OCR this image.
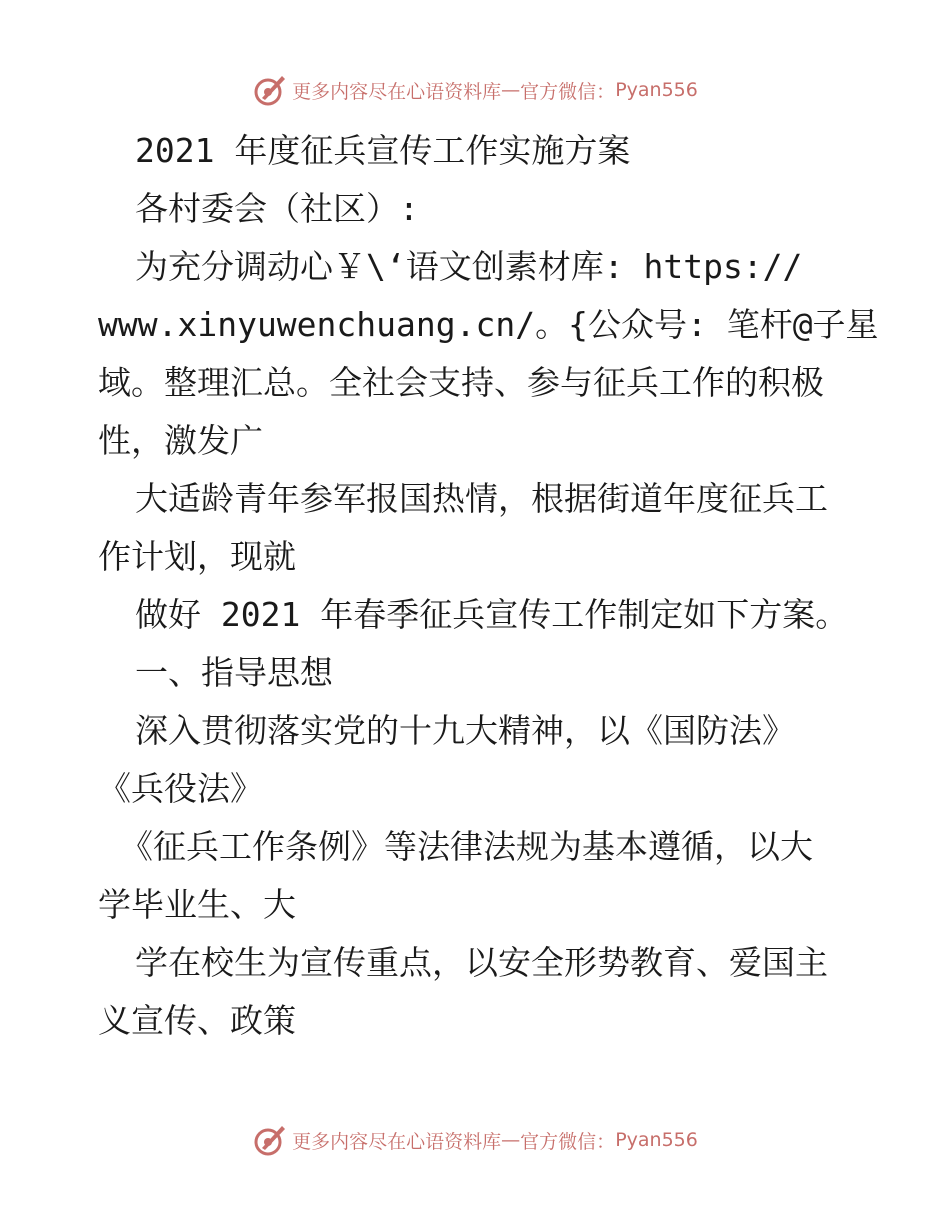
更多内容尽在心语资料库 — 官方微信： Pyan556

2021 年度征兵宣传工作实施方案

各村委会（社区）:

为充分调动心￥\‘语文创素材库: https://

www.xinyuwenchuang.cn/。{公众号: 笔杆@子星

域。整理汇总。全社会支持、参与征兵工作的积极

性，激发广

大适龄青年参军报国热情，根据街道年度征兵工

作计划，现就

做好 2021 年春季征兵宣传工作制定如下方案。

一、指导思想

深入贯彻落实党的十九大精神，以《国防法》

《兵役法》

《征兵工作条例》等法律法规为基本遵循，以大

学毕业生、大

学在校生为宣传重点，以安全形势教育、爱国主

义宣传、政策

更多内容尽在心语资料库 — 官方微信： Pyan556
